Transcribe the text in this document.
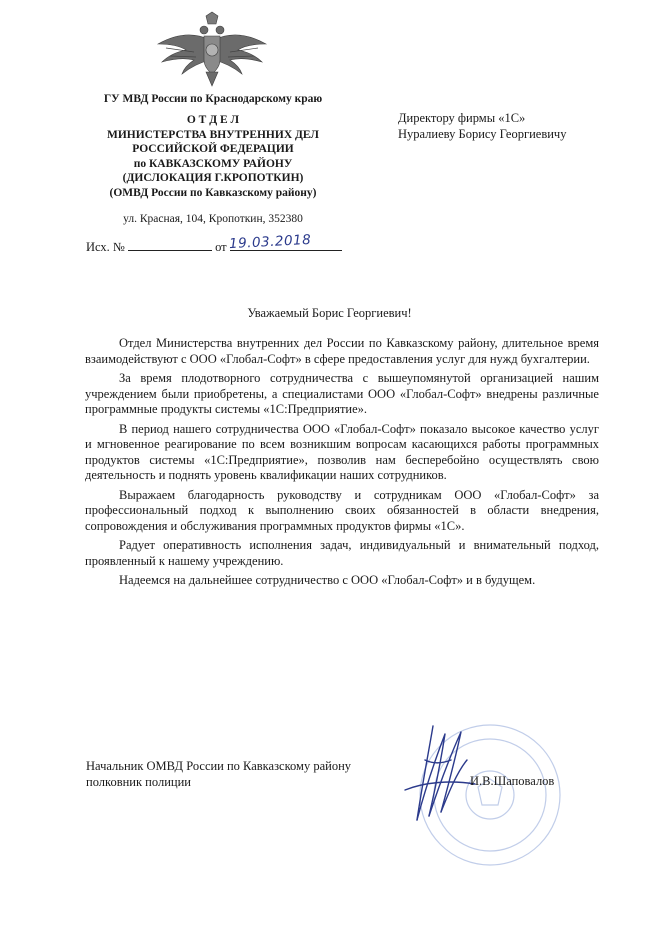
ГУ МВД России по Краснодарскому краю
О Т Д Е Л
МИНИСТЕРСТВА ВНУТРЕННИХ ДЕЛ
РОССИЙСКОЙ ФЕДЕРАЦИИ
по КАВКАЗСКОМУ РАЙОНУ
(ДИСЛОКАЦИЯ Г.КРОПОТКИН)
(ОМВД России по Кавказскому району)
ул. Красная, 104, Кропоткин, 352380
Директору фирмы «1С»
Нуралиеву Борису Георгиевичу
Исх. №	от 19.03.2018
Уважаемый Борис Георгиевич!

Отдел Министерства внутренних дел России по Кавказскому району, длительное время взаимодействуют с ООО «Глобал-Софт» в сфере предоставления услуг для нужд бухгалтерии.

За время плодотворного сотрудничества с вышеупомянутой организацией нашим учреждением были приобретены, а специалистами ООО «Глобал-Софт» внедрены различные программные продукты системы «1С:Предприятие».

В период нашего сотрудничества ООО «Глобал-Софт» показало высокое качество услуг и мгновенное реагирование по всем возникшим вопросам касающихся работы программных продуктов системы «1С:Предприятие», позволив нам бесперебойно осуществлять свою деятельность и поднять уровень квалификации наших сотрудников.

Выражаем благодарность руководству и сотрудникам ООО «Глобал-Софт» за профессиональный подход к выполнению своих обязанностей в области внедрения, сопровождения и обслуживания программных продуктов фирмы «1С».

Радует оперативность исполнения задач, индивидуальный и внимательный подход, проявленный к нашему учреждению.

Надеемся на дальнейшее сотрудничество с ООО «Глобал-Софт» и в будущем.

Начальник ОМВД России по Кавказскому району
полковник полиции	И.В.Шаповалов
